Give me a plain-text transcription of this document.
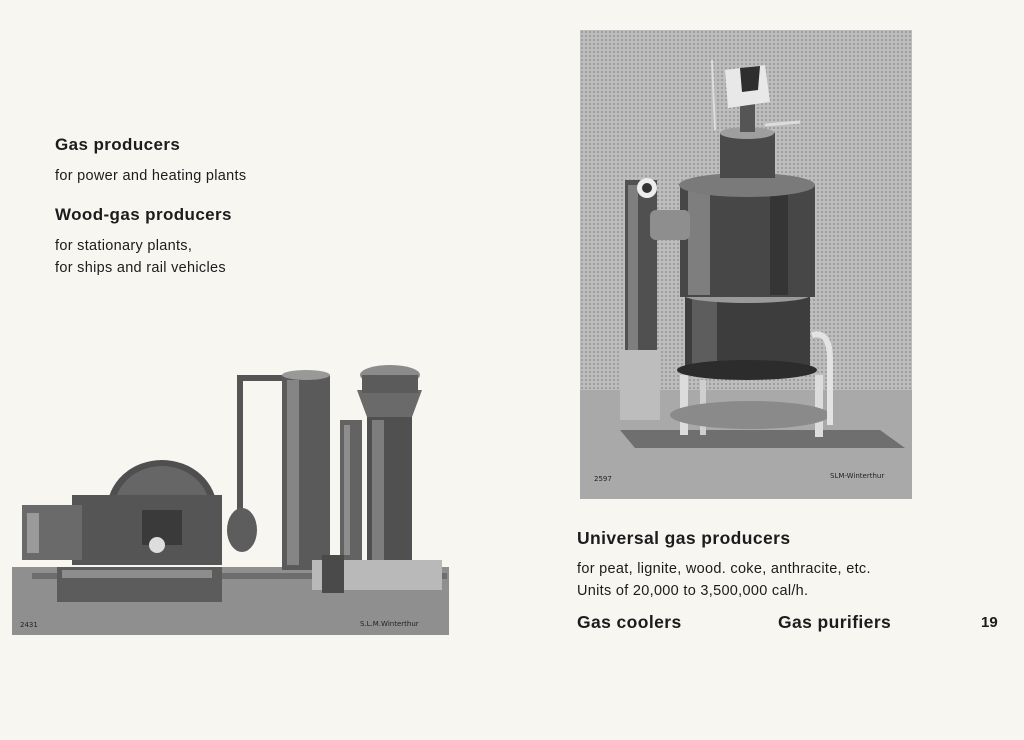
Gas producers

for power and heating plants

Wood-gas producers

for stationary plants,
for ships and rail vehicles

2597	SLM-Winterthur
2431	S.L.M.Winterthur
Universal gas producers

for peat, lignite, wood. coke, anthracite, etc.
Units of 20,000 to 3,500,000 cal/h.

Gas coolers	Gas purifiers	19
